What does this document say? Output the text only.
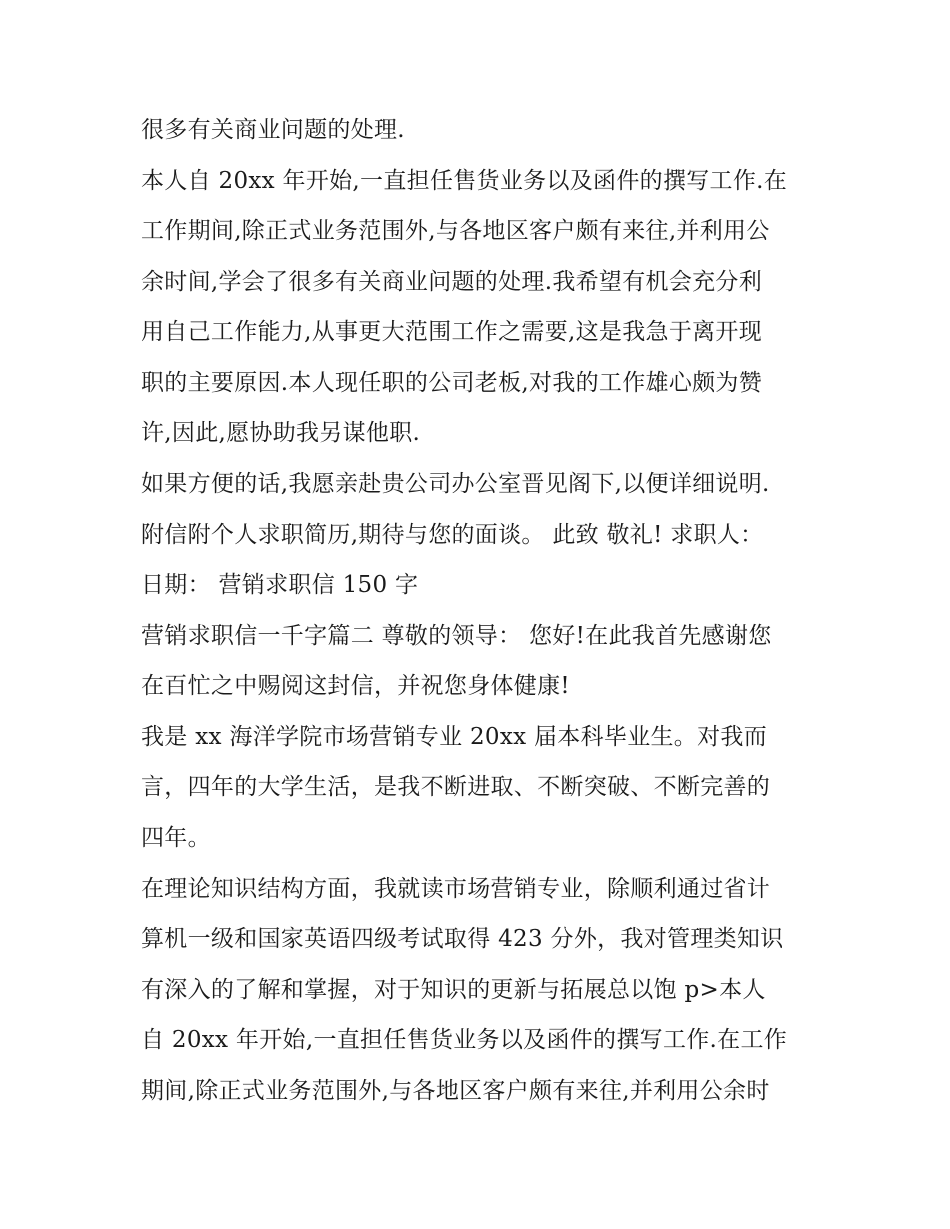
很多有关商业问题的处理.
本人自 20xx 年开始,一直担任售货业务以及函件的撰写工作.在
工作期间,除正式业务范围外,与各地区客户颇有来往,并利用公
余时间,学会了很多有关商业问题的处理.我希望有机会充分利
用自己工作能力,从事更大范围工作之需要,这是我急于离开现
职的主要原因.本人现任职的公司老板,对我的工作雄心颇为赞
许,因此,愿协助我另谋他职.
如果方便的话,我愿亲赴贵公司办公室晋见阁下,以便详细说明.
附信附个人求职简历,期待与您的面谈。 此致 敬礼! 求职人：
日期： 营销求职信 150 字
营销求职信一千字篇二 尊敬的领导： 您好!在此我首先感谢您
在百忙之中赐阅这封信，并祝您身体健康!
我是 xx 海洋学院市场营销专业 20xx 届本科毕业生。对我而
言，四年的大学生活，是我不断进取、不断突破、不断完善的
四年。
在理论知识结构方面，我就读市场营销专业，除顺利通过省计
算机一级和国家英语四级考试取得 423 分外，我对管理类知识
有深入的了解和掌握，对于知识的更新与拓展总以饱 p>本人
自 20xx 年开始,一直担任售货业务以及函件的撰写工作.在工作
期间,除正式业务范围外,与各地区客户颇有来往,并利用公余时
